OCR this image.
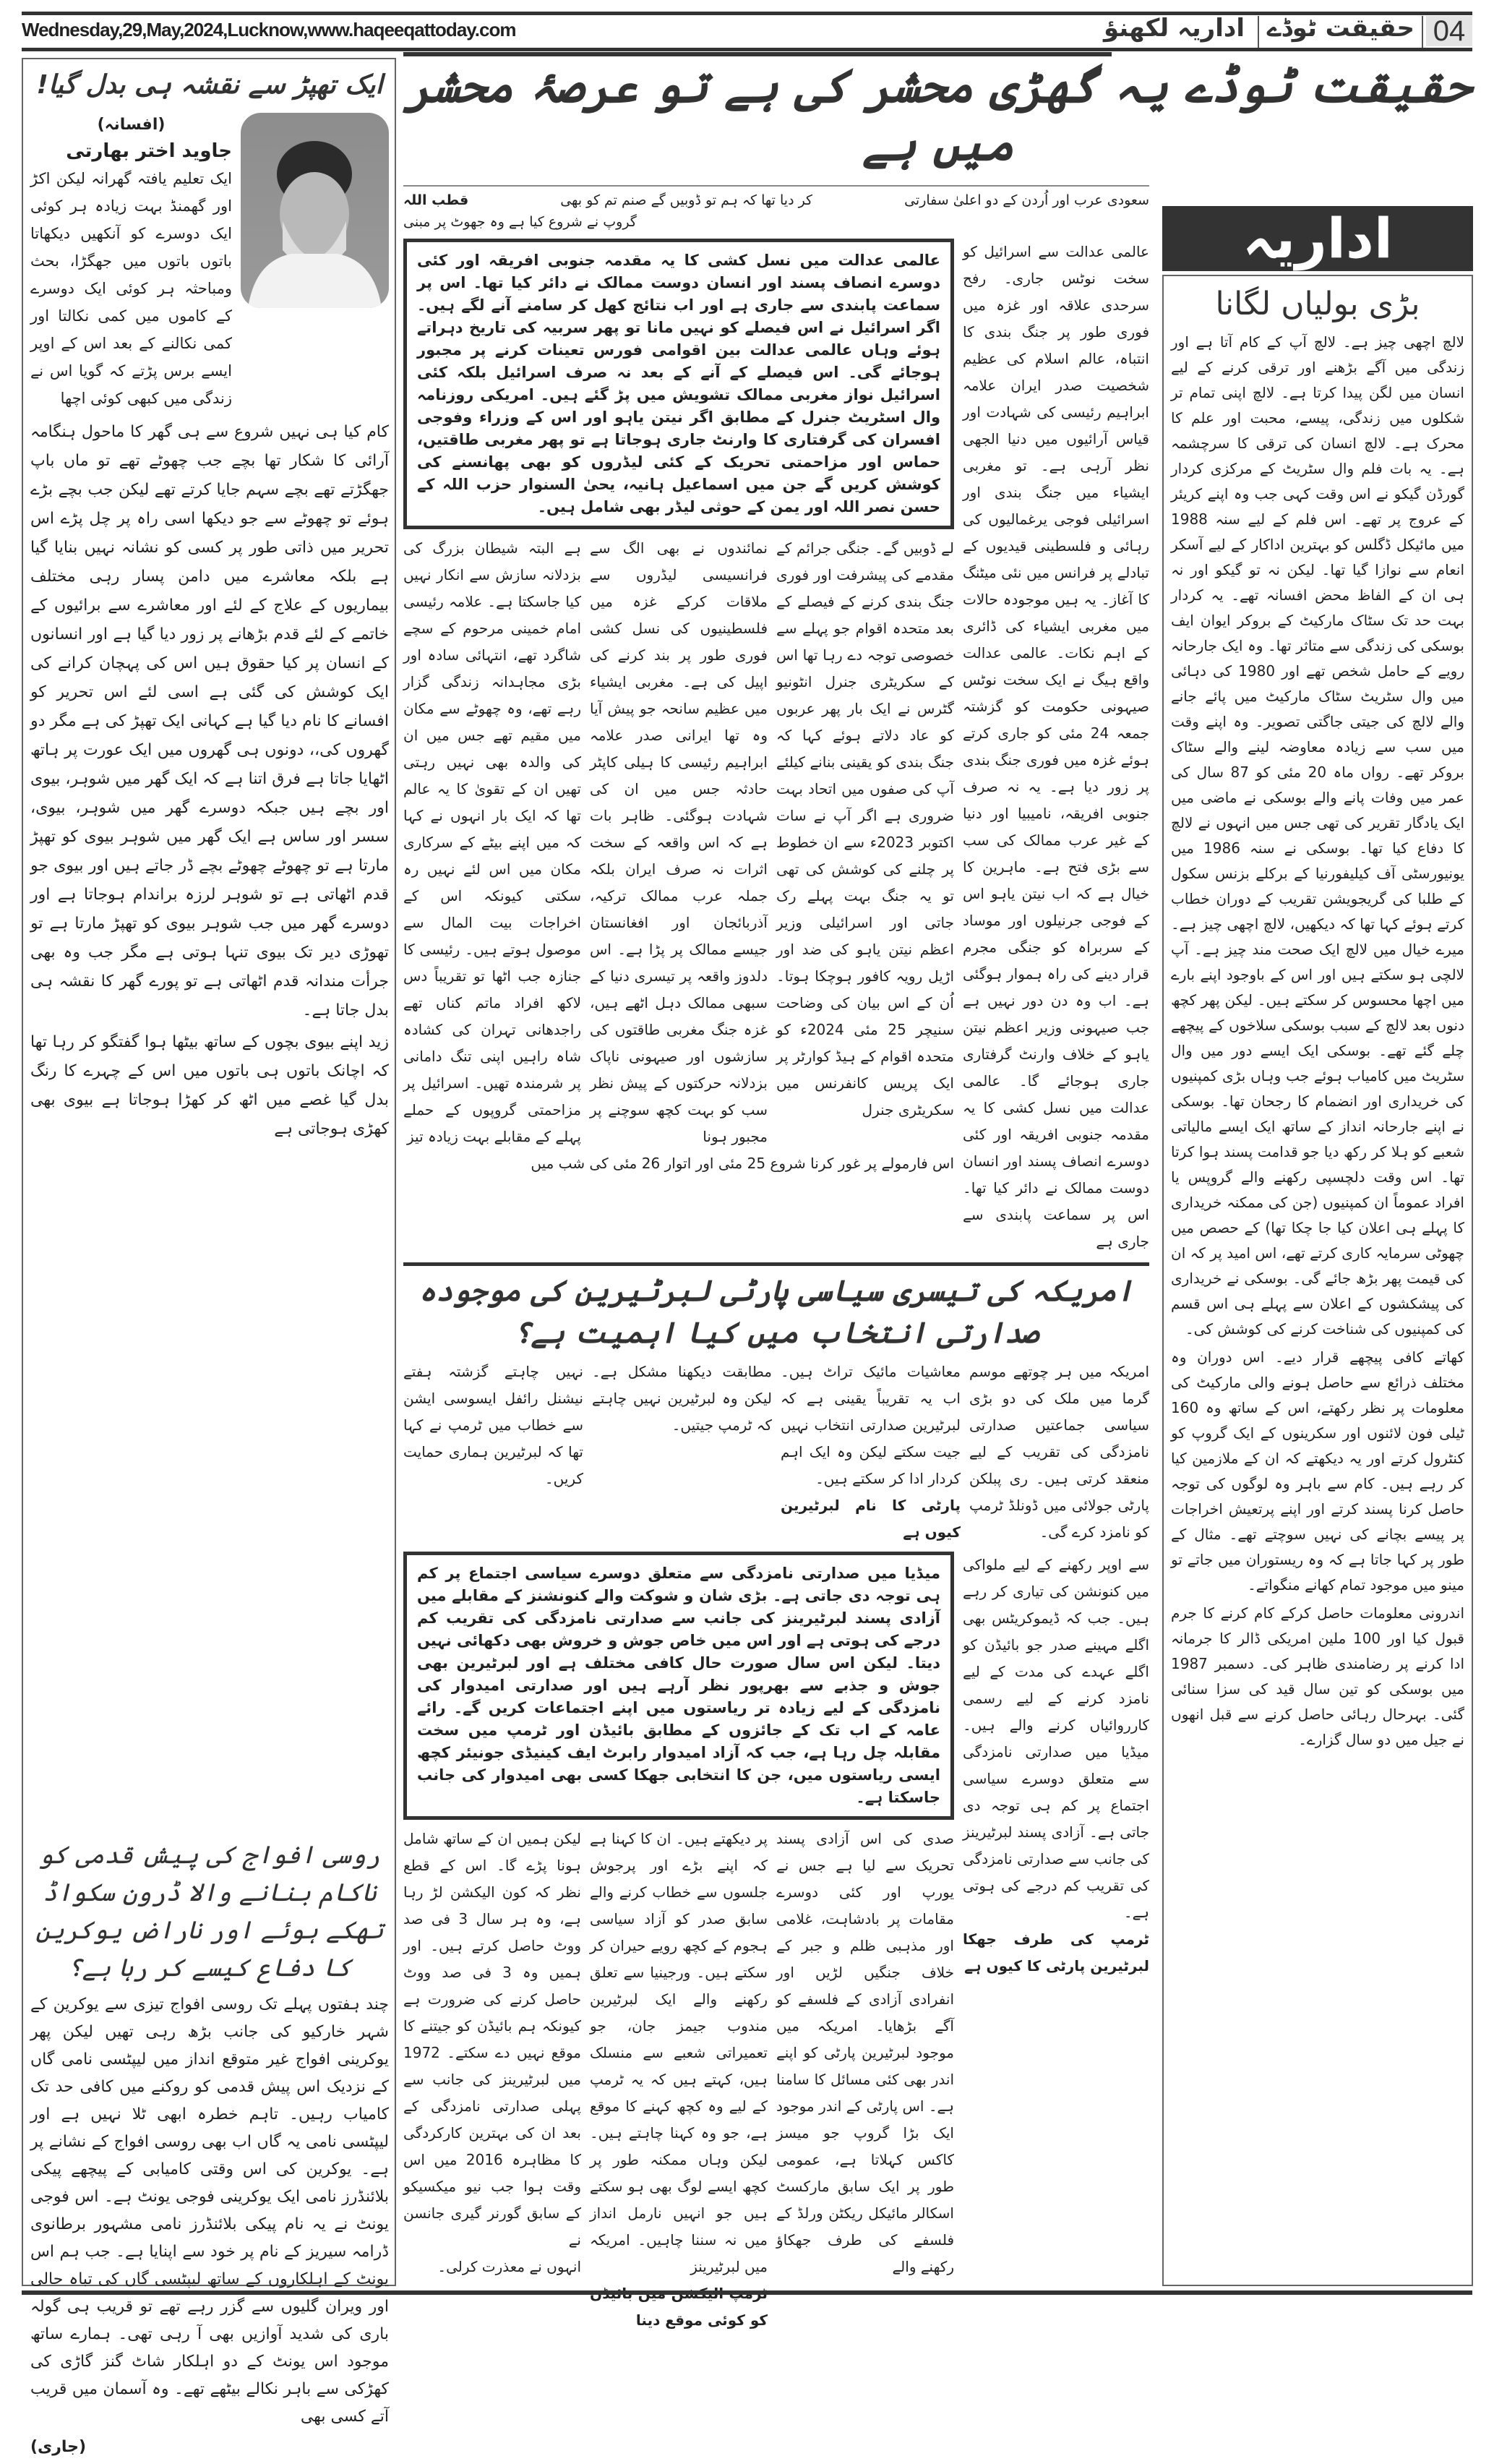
Wednesday,29,May,2024,Lucknow,www.haqeeqattoday.com	اداریہ لکھنؤ حقیقت ٹوڈے 04
حقیقت ٹوڈے یہ گھڑی محشر کی ہے تو عرصۂ محشر میں ہے
ایک تھپڑ سے نقشہ ہی بدل گیا!
(افسانہ)
جاوید اختر بھارتی
ایک تعلیم یافتہ گھرانہ لیکن اکڑ اور گھمنڈ بہت زیادہ ہر کوئی ایک دوسرے کو آنکھیں دیکھاتا باتوں باتوں میں جھگڑا، بحث ومباحثہ ہر کوئی ایک دوسرے کے کاموں میں کمی نکالتا اور کمی نکالنے کے بعد اس کے اوپر ایسے برس پڑتے کہ گویا اس نے زندگی میں کبھی کوئی اچھا

کام کیا ہی نہیں شروع سے ہی گھر کا ماحول ہنگامہ آرائی کا شکار تھا بچے جب چھوٹے تھے تو ماں باپ جھگڑتے تھے بچے سہم جایا کرتے تھے لیکن جب بچے بڑے ہوئے تو چھوٹے سے جو دیکھا اسی راہ پر چل پڑے اس تحریر میں ذاتی طور پر کسی کو نشانہ نہیں بنایا گیا ہے بلکہ معاشرے میں دامن پسار رہی مختلف بیماریوں کے علاج کے لئے اور معاشرے سے برائیوں کے خاتمے کے لئے قدم بڑھانے پر زور دیا گیا ہے اور انسانوں کے انسان پر کیا حقوق ہیں اس کی پہچان کرانے کی ایک کوشش کی گئی ہے اسی لئے اس تحریر کو افسانے کا نام دیا گیا ہے کہانی ایک تھپڑ کی ہے مگر دو گھروں کی،، دونوں ہی گھروں میں ایک عورت پر ہاتھ اٹھایا جاتا ہے فرق اتنا ہے کہ ایک گھر میں شوہر، بیوی اور بچے ہیں جبکہ دوسرے گھر میں شوہر، بیوی، سسر اور ساس ہے ایک گھر میں شوہر بیوی کو تھپڑ مارتا ہے تو چھوٹے چھوٹے بچے ڈر جاتے ہیں اور بیوی جو قدم اٹھاتی ہے تو شوہر لرزہ براندام ہوجاتا ہے اور دوسرے گھر میں جب شوہر بیوی کو تھپڑ مارتا ہے تو تھوڑی دیر تک بیوی تنہا ہوتی ہے مگر جب وہ بھی جرأت مندانہ قدم اٹھاتی ہے تو پورے گھر کا نقشہ ہی بدل جاتا ہے۔

زید اپنے بیوی بچوں کے ساتھ بیٹھا ہوا گفتگو کر رہا تھا کہ اچانک باتوں ہی باتوں میں اس کے چہرے کا رنگ بدل گیا غصے میں اٹھ کر کھڑا ہوجاتا ہے بیوی بھی کھڑی ہوجاتی ہے

روسی افواج کی پیش قدمی کو ناکام بنانے والا ڈرون سکواڈ تھکے ہوئے اور ناراض یوکرین کا دفاع کیسے کر رہا ہے؟

چند ہفتوں پہلے تک روسی افواج تیزی سے یوکرین کے شہر خارکیو کی جانب بڑھ رہی تھیں لیکن پھر یوکرینی افواج غیر متوقع انداز میں لیپٹسی نامی گاں کے نزدیک اس پیش قدمی کو روکنے میں کافی حد تک کامیاب رہیں۔ تاہم خطرہ ابھی ٹلا نہیں ہے اور لیپٹسی نامی یہ گاں اب بھی روسی افواج کے نشانے پر ہے۔ یوکرین کی اس وقتی کامیابی کے پیچھے پیکی بلائنڈرز نامی ایک یوکرینی فوجی یونٹ ہے۔ اس فوجی یونٹ نے یہ نام پیکی بلائنڈرز نامی مشہور برطانوی ڈرامہ سیریز کے نام پر خود سے اپنایا ہے۔ جب ہم اس یونٹ کے اہلکاروں کے ساتھ لیپٹسی گاں کی تباہ حالی اور ویران گلیوں سے گزر رہے تھے تو قریب ہی گولہ باری کی شدید آوازیں بھی آ رہی تھی۔ ہمارے ساتھ موجود اس یونٹ کے دو اہلکار شاٹ گنز گاڑی کی کھڑکی سے باہر نکالے بیٹھے تھے۔ وہ آسمان میں قریب آتے کسی بھی

(جاری)

قطب اللہ	کر دیا تھا کہ ہم تو ڈوبیں گے صنم تم کو بھی	سعودی عرب اور اُردن کے دو اعلیٰ سفارتی
گروپ نے شروع کیا ہے وہ جھوٹ پر مبنی
عالمی عدالت سے اسرائیل کو سخت نوٹس جاری۔ رفح سرحدی علاقہ اور غزہ میں فوری طور پر جنگ بندی کا انتباہ، عالم اسلام کی عظیم شخصیت صدر ایران علامہ ابراہیم رئیسی کی شہادت اور قیاس آرائیوں میں دنیا الجھی نظر آرہی ہے۔ تو مغربی ایشیاء میں جنگ بندی اور اسرائیلی فوجی یرغمالیوں کی رہائی و فلسطینی قیدیوں کے تبادلے پر فرانس میں نئی میٹنگ کا آغاز۔ یہ ہیں موجودہ حالات میں مغربی ایشیاء کی ڈائری کے اہم نکات۔ عالمی عدالت واقع ہیگ نے ایک سخت نوٹس صیہونی حکومت کو گزشتہ جمعہ 24 مئی کو جاری کرتے ہوئے غزہ میں فوری جنگ بندی پر زور دیا ہے۔ یہ نہ صرف جنوبی افریقہ، نامیبیا اور دنیا کے غیر عرب ممالک کی سب سے بڑی فتح ہے۔ ماہرین کا خیال ہے کہ اب نیتن یاہو اس کے فوجی جرنیلوں اور موساد کے سربراہ کو جنگی مجرم قرار دینے کی راہ ہموار ہوگئی ہے۔ اب وہ دن دور نہیں ہے جب صیہونی وزیر اعظم نیتن یاہو کے خلاف وارنٹ گرفتاری جاری ہوجائے گا۔ عالمی عدالت میں نسل کشی کا یہ مقدمہ جنوبی افریقہ اور کئی دوسرے انصاف پسند اور انسان دوست ممالک نے دائر کیا تھا۔ اس پر سماعت پابندی سے جاری ہے
عالمی عدالت میں نسل کشی کا یہ مقدمہ جنوبی افریقہ اور کئی دوسرے انصاف پسند اور انسان دوست ممالک نے دائر کیا تھا۔ اس پر سماعت پابندی سے جاری ہے اور اب نتائج کھل کر سامنے آنے لگے ہیں۔ اگر اسرائیل نے اس فیصلے کو نہیں مانا تو پھر سربیہ کی تاریخ دہراتے ہوئے وہاں عالمی عدالت بین اقوامی فورس تعینات کرنے پر مجبور ہوجائے گی۔ اس فیصلے کے آنے کے بعد نہ صرف اسرائیل بلکہ کئی اسرائیل نواز مغربی ممالک تشویش میں پڑ گئے ہیں۔ امریکی روزنامہ وال اسٹریٹ جنرل کے مطابق اگر نیتن یاہو اور اس کے وزراء وفوجی افسران کی گرفتاری کا وارنٹ جاری ہوجاتا ہے تو پھر مغربی طاقتیں، حماس اور مزاحمتی تحریک کے کئی لیڈروں کو بھی پھانسنے کی کوشش کریں گے جن میں اسماعیل ہانیہ، یحیٰ السنوار حزب اللہ کے حسن نصر اللہ اور یمن کے حوثی لیڈر بھی شامل ہیں۔
لے ڈوبیں گے۔ جنگی جرائم کے مقدمے کی پیشرفت اور فوری جنگ بندی کرنے کے فیصلے کے بعد متحدہ اقوام جو پہلے سے خصوصی توجہ دے رہا تھا اس کے سکریٹری جنرل انٹونیو گٹرس نے ایک بار پھر عربوں کو عاد دلاتے ہوئے کہا کہ جنگ بندی کو یقینی بنانے کیلئے آپ کی صفوں میں اتحاد بہت ضروری ہے اگر آپ نے سات اکتوبر 2023ء سے ان خطوط پر چلنے کی کوشش کی تھی تو یہ جنگ بہت پہلے رک جاتی اور اسرائیلی وزیر اعظم نیتن یاہو کی ضد اور اڑیل رویہ کافور ہوچکا ہوتا۔ اُن کے اس بیان کی وضاحت سنیچر 25 مئی 2024ء کو متحدہ اقوام کے ہیڈ کوارٹر پر ایک پریس کانفرنس میں سکریٹری جنرل
نمائندوں نے بھی الگ سے فرانسیسی لیڈروں سے ملاقات کرکے غزہ میں فلسطینیوں کی نسل کشی فوری طور پر بند کرنے کی اپیل کی ہے۔ مغربی ایشیاء میں عظیم سانحہ جو پیش آیا وہ تھا ایرانی صدر علامہ ابراہیم رئیسی کا ہیلی کاپٹر حادثہ جس میں ان کی شہادت ہوگئی۔ ظاہر بات ہے کہ اس واقعہ کے سخت اثرات نہ صرف ایران بلکہ جملہ عرب ممالک ترکیہ، آذربائجان اور افغانستان جیسے ممالک پر پڑا ہے۔ اس دلدوز واقعہ پر تیسری دنیا کے سبھی ممالک دہل اٹھے ہیں، غزہ جنگ مغربی طاقتوں کی سازشوں اور صیہونی ناپاک بزدلانہ حرکتوں کے پیش نظر سب کو بہت کچھ سوچنے پر مجبور ہونا
ہے البتہ شیطان بزرگ کی بزدلانہ سازش سے انکار نہیں کیا جاسکتا ہے۔ علامہ رئیسی امام خمینی مرحوم کے سچے شاگرد تھے، انتہائی سادہ اور بڑی مجاہدانہ زندگی گزار رہے تھے، وہ چھوٹے سے مکان میں مقیم تھے جس میں ان کی والدہ بھی نہیں رہتی تھیں ان کے تقویٰ کا یہ عالم تھا کہ ایک بار انہوں نے کہا کہ میں اپنے بیٹے کے سرکاری مکان میں اس لئے نہیں رہ سکتی کیونکہ اس کے اخراجات بیت المال سے موصول ہوتے ہیں۔ رئیسی کا جنازہ جب اٹھا تو تقریباً دس لاکھ افراد ماتم کناں تھے راجدھانی تہران کی کشادہ شاہ راہیں اپنی تنگ دامانی پر شرمندہ تھیں۔ اسرائیل پر مزاحمتی گروپوں کے حملے پہلے کے مقابلے بہت زیادہ تیز
اس فارمولے پر غور کرنا شروع 25 مئی اور اتوار 26 مئی کی شب میں
امریکہ کی تیسری سیاسی پارٹی لبرٹیرین کی موجودہ صدارتی انتخاب میں کیا اہمیت ہے؟
امریکہ میں ہر چوتھے موسم گرما میں ملک کی دو بڑی سیاسی جماعتیں صدارتی نامزدگی کی تقریب کے لیے منعقد کرتی ہیں۔ ری پبلکن پارٹی جولائی میں ڈونلڈ ٹرمپ کو نامزد کرے گی۔
معاشیات مائیک تراٹ ہیں۔ اب یہ تقریباً یقینی ہے کہ لبرٹیرین صدارتی انتخاب نہیں جیت سکتے لیکن وہ ایک اہم کردار ادا کر سکتے ہیں۔
پارٹی کا نام لبرٹیرین کیوں ہے
مطابقت دیکھنا مشکل ہے۔ لیکن وہ لبرٹیرین نہیں چاہتے کہ ٹرمپ جیتیں۔
نہیں چاہتے گزشتہ ہفتے نیشنل رائفل ایسوسی ایشن سے خطاب میں ٹرمپ نے کہا تھا کہ لبرٹیرین ہماری حمایت کریں۔
سے اوپر رکھنے کے لیے ملواکی میں کنونشن کی تیاری کر رہے ہیں۔ جب کہ ڈیموکریٹس بھی اگلے مہینے صدر جو بائیڈن کو اگلے عہدے کی مدت کے لیے نامزد کرنے کے لیے رسمی کارروائیاں کرنے والے ہیں۔ میڈیا میں صدارتی نامزدگی سے متعلق دوسرے سیاسی اجتماع پر کم ہی توجہ دی جاتی ہے۔ آزادی پسند لبرٹیرینز کی جانب سے صدارتی نامزدگی کی تقریب کم درجے کی ہوتی ہے۔
ٹرمپ کی طرف جھکا لبرٹیرین پارٹی کا کیوں ہے
میڈیا میں صدارتی نامزدگی سے متعلق دوسرے سیاسی اجتماع پر کم ہی توجہ دی جاتی ہے۔ بڑی شان و شوکت والے کنونشنز کے مقابلے میں آزادی پسند لبرٹیرینز کی جانب سے صدارتی نامزدگی کی تقریب کم درجے کی ہوتی ہے اور اس میں خاص جوش و خروش بھی دکھائی نہیں دیتا۔ لیکن اس سال صورت حال کافی مختلف ہے اور لبرٹیرین بھی جوش و جذبے سے بھرپور نظر آرہے ہیں اور صدارتی امیدوار کی نامزدگی کے لیے زیادہ تر ریاستوں میں اپنے اجتماعات کریں گے۔ رائے عامہ کے اب تک کے جائزوں کے مطابق بائیڈن اور ٹرمپ میں سخت مقابلہ چل رہا ہے، جب کہ آزاد امیدوار رابرٹ ایف کینیڈی جونیئر کچھ ایسی ریاستوں میں، جن کا انتخابی جھکا کسی بھی امیدوار کی جانب جاسکتا ہے۔
صدی کی اس آزادی پسند تحریک سے لیا ہے جس نے یورپ اور کئی دوسرے مقامات پر بادشاہت، غلامی اور مذہبی ظلم و جبر کے خلاف جنگیں لڑیں اور انفرادی آزادی کے فلسفے کو آگے بڑھایا۔ امریکہ میں موجود لبرٹیرین پارٹی کو اپنے اندر بھی کئی مسائل کا سامنا ہے۔ اس پارٹی کے اندر موجود ایک بڑا گروپ جو میسز کاکس کہلاتا ہے، عمومی طور پر ایک سابق مارکسٹ اسکالر مائیکل ریکٹن ورلڈ کے فلسفے کی طرف جھکاؤ رکھنے والے
پر دیکھتے ہیں۔ ان کا کہنا ہے کہ اپنے بڑے اور پرجوش جلسوں سے خطاب کرنے والے سابق صدر کو آزاد سیاسی ہجوم کے کچھ رویے حیران کر سکتے ہیں۔ ورجینیا سے تعلق رکھنے والے ایک لبرٹیرین مندوب جیمز جان، جو تعمیراتی شعبے سے منسلک ہیں، کہتے ہیں کہ یہ ٹرمپ کے لیے وہ کچھ کہنے کا موقع ہے، جو وہ کہنا چاہتے ہیں۔ لیکن وہاں ممکنہ طور پر کچھ ایسے لوگ بھی ہو سکتے ہیں جو انہیں نارمل انداز میں نہ سننا چاہیں۔ امریکہ میں لبرٹیرینز
کو کوئی موقع دینا
لیکن ہمیں ان کے ساتھ شامل ہونا پڑے گا۔ اس کے قطع نظر کہ کون الیکشن لڑ رہا ہے، وہ ہر سال 3 فی صد ووٹ حاصل کرتے ہیں۔ اور ہمیں وہ 3 فی صد ووٹ حاصل کرنے کی ضرورت ہے کیونکہ ہم بائیڈن کو جیتنے کا موقع نہیں دے سکتے۔ 1972 میں لبرٹیرینز کی جانب سے پہلی صدارتی نامزدگی کے بعد ان کی بہترین کارکردگی کا مظاہرہ 2016 میں اس وقت ہوا جب نیو میکسیکو کے سابق گورنر گیری جانسن نے
انہوں نے معذرت کرلی۔
اداریہ
بڑی بولیاں لگانا

لالچ اچھی چیز ہے۔ لالچ آپ کے کام آتا ہے اور زندگی میں آگے بڑھنے اور ترقی کرنے کے لیے انسان میں لگن پیدا کرتا ہے۔ لالچ اپنی تمام تر شکلوں میں زندگی، پیسے، محبت اور علم کا محرک ہے۔ لالچ انسان کی ترقی کا سرچشمہ ہے۔ یہ بات فلم وال سٹریٹ کے مرکزی کردار گورڈن گیکو نے اس وقت کہی جب وہ اپنے کریئر کے عروج پر تھے۔ اس فلم کے لیے سنہ 1988 میں مائیکل ڈگلس کو بہترین اداکار کے لیے آسکر انعام سے نوازا گیا تھا۔ لیکن نہ تو گیکو اور نہ ہی ان کے الفاظ محض افسانہ تھے۔ یہ کردار بہت حد تک سٹاک مارکیٹ کے بروکر ایوان ایف بوسکی کی زندگی سے متاثر تھا۔ وہ ایک جارحانہ رویے کے حامل شخص تھے اور 1980 کی دہائی میں وال سٹریٹ سٹاک مارکیٹ میں پائے جانے والے لالچ کی جیتی جاگتی تصویر۔ وہ اپنے وقت میں سب سے زیادہ معاوضہ لینے والے سٹاک بروکر تھے۔ رواں ماہ 20 مئی کو 87 سال کی عمر میں وفات پانے والے بوسکی نے ماضی میں ایک یادگار تقریر کی تھی جس میں انہوں نے لالچ کا دفاع کیا تھا۔ بوسکی نے سنہ 1986 میں یونیورسٹی آف کیلیفورنیا کے برکلے بزنس سکول کے طلبا کی گریجویشن تقریب کے دوران خطاب کرتے ہوئے کہا تھا کہ دیکھیں، لالچ اچھی چیز ہے۔ میرے خیال میں لالچ ایک صحت مند چیز ہے۔ آپ لالچی ہو سکتے ہیں اور اس کے باوجود اپنے بارے میں اچھا محسوس کر سکتے ہیں۔ لیکن پھر کچھ دنوں بعد لالچ کے سبب بوسکی سلاخوں کے پیچھے چلے گئے تھے۔ بوسکی ایک ایسے دور میں وال سٹریٹ میں کامیاب ہوئے جب وہاں بڑی کمپنیوں کی خریداری اور انضمام کا رجحان تھا۔ بوسکی نے اپنے جارحانہ انداز کے ساتھ ایک ایسے مالیاتی شعبے کو ہلا کر رکھ دیا جو قدامت پسند ہوا کرتا تھا۔ اس وقت دلچسپی رکھنے والے گروپس یا افراد عموماً ان کمپنیوں (جن کی ممکنہ خریداری کا پہلے ہی اعلان کیا جا چکا تھا) کے حصص میں چھوٹی سرمایہ کاری کرتے تھے، اس امید پر کہ ان کی قیمت پھر بڑھ جائے گی۔ بوسکی نے خریداری کی پیشکشوں کے اعلان سے پہلے ہی اس قسم کی کمپنیوں کی شناخت کرنے کی کوشش کی۔

کھاتے کافی پیچھے قرار دیے۔ اس دوران وہ مختلف ذرائع سے حاصل ہونے والی مارکیٹ کی معلومات پر نظر رکھتے، اس کے ساتھ وہ 160 ٹیلی فون لائنوں اور سکرینوں کے ایک گروپ کو کنٹرول کرتے اور یہ دیکھتے کہ ان کے ملازمین کیا کر رہے ہیں۔ کام سے باہر وہ لوگوں کی توجہ حاصل کرنا پسند کرتے اور اپنے پرتعیش اخراجات پر پیسے بچانے کی نہیں سوچتے تھے۔ مثال کے طور پر کہا جاتا ہے کہ وہ ریستوران میں جاتے تو مینو میں موجود تمام کھانے منگواتے۔

اندرونی معلومات حاصل کرکے کام کرنے کا جرم قبول کیا اور 100 ملین امریکی ڈالر کا جرمانہ ادا کرنے پر رضامندی ظاہر کی۔ دسمبر 1987 میں بوسکی کو تین سال قید کی سزا سنائی گئی۔ بہرحال رہائی حاصل کرنے سے قبل انھوں نے جیل میں دو سال گزارے۔
